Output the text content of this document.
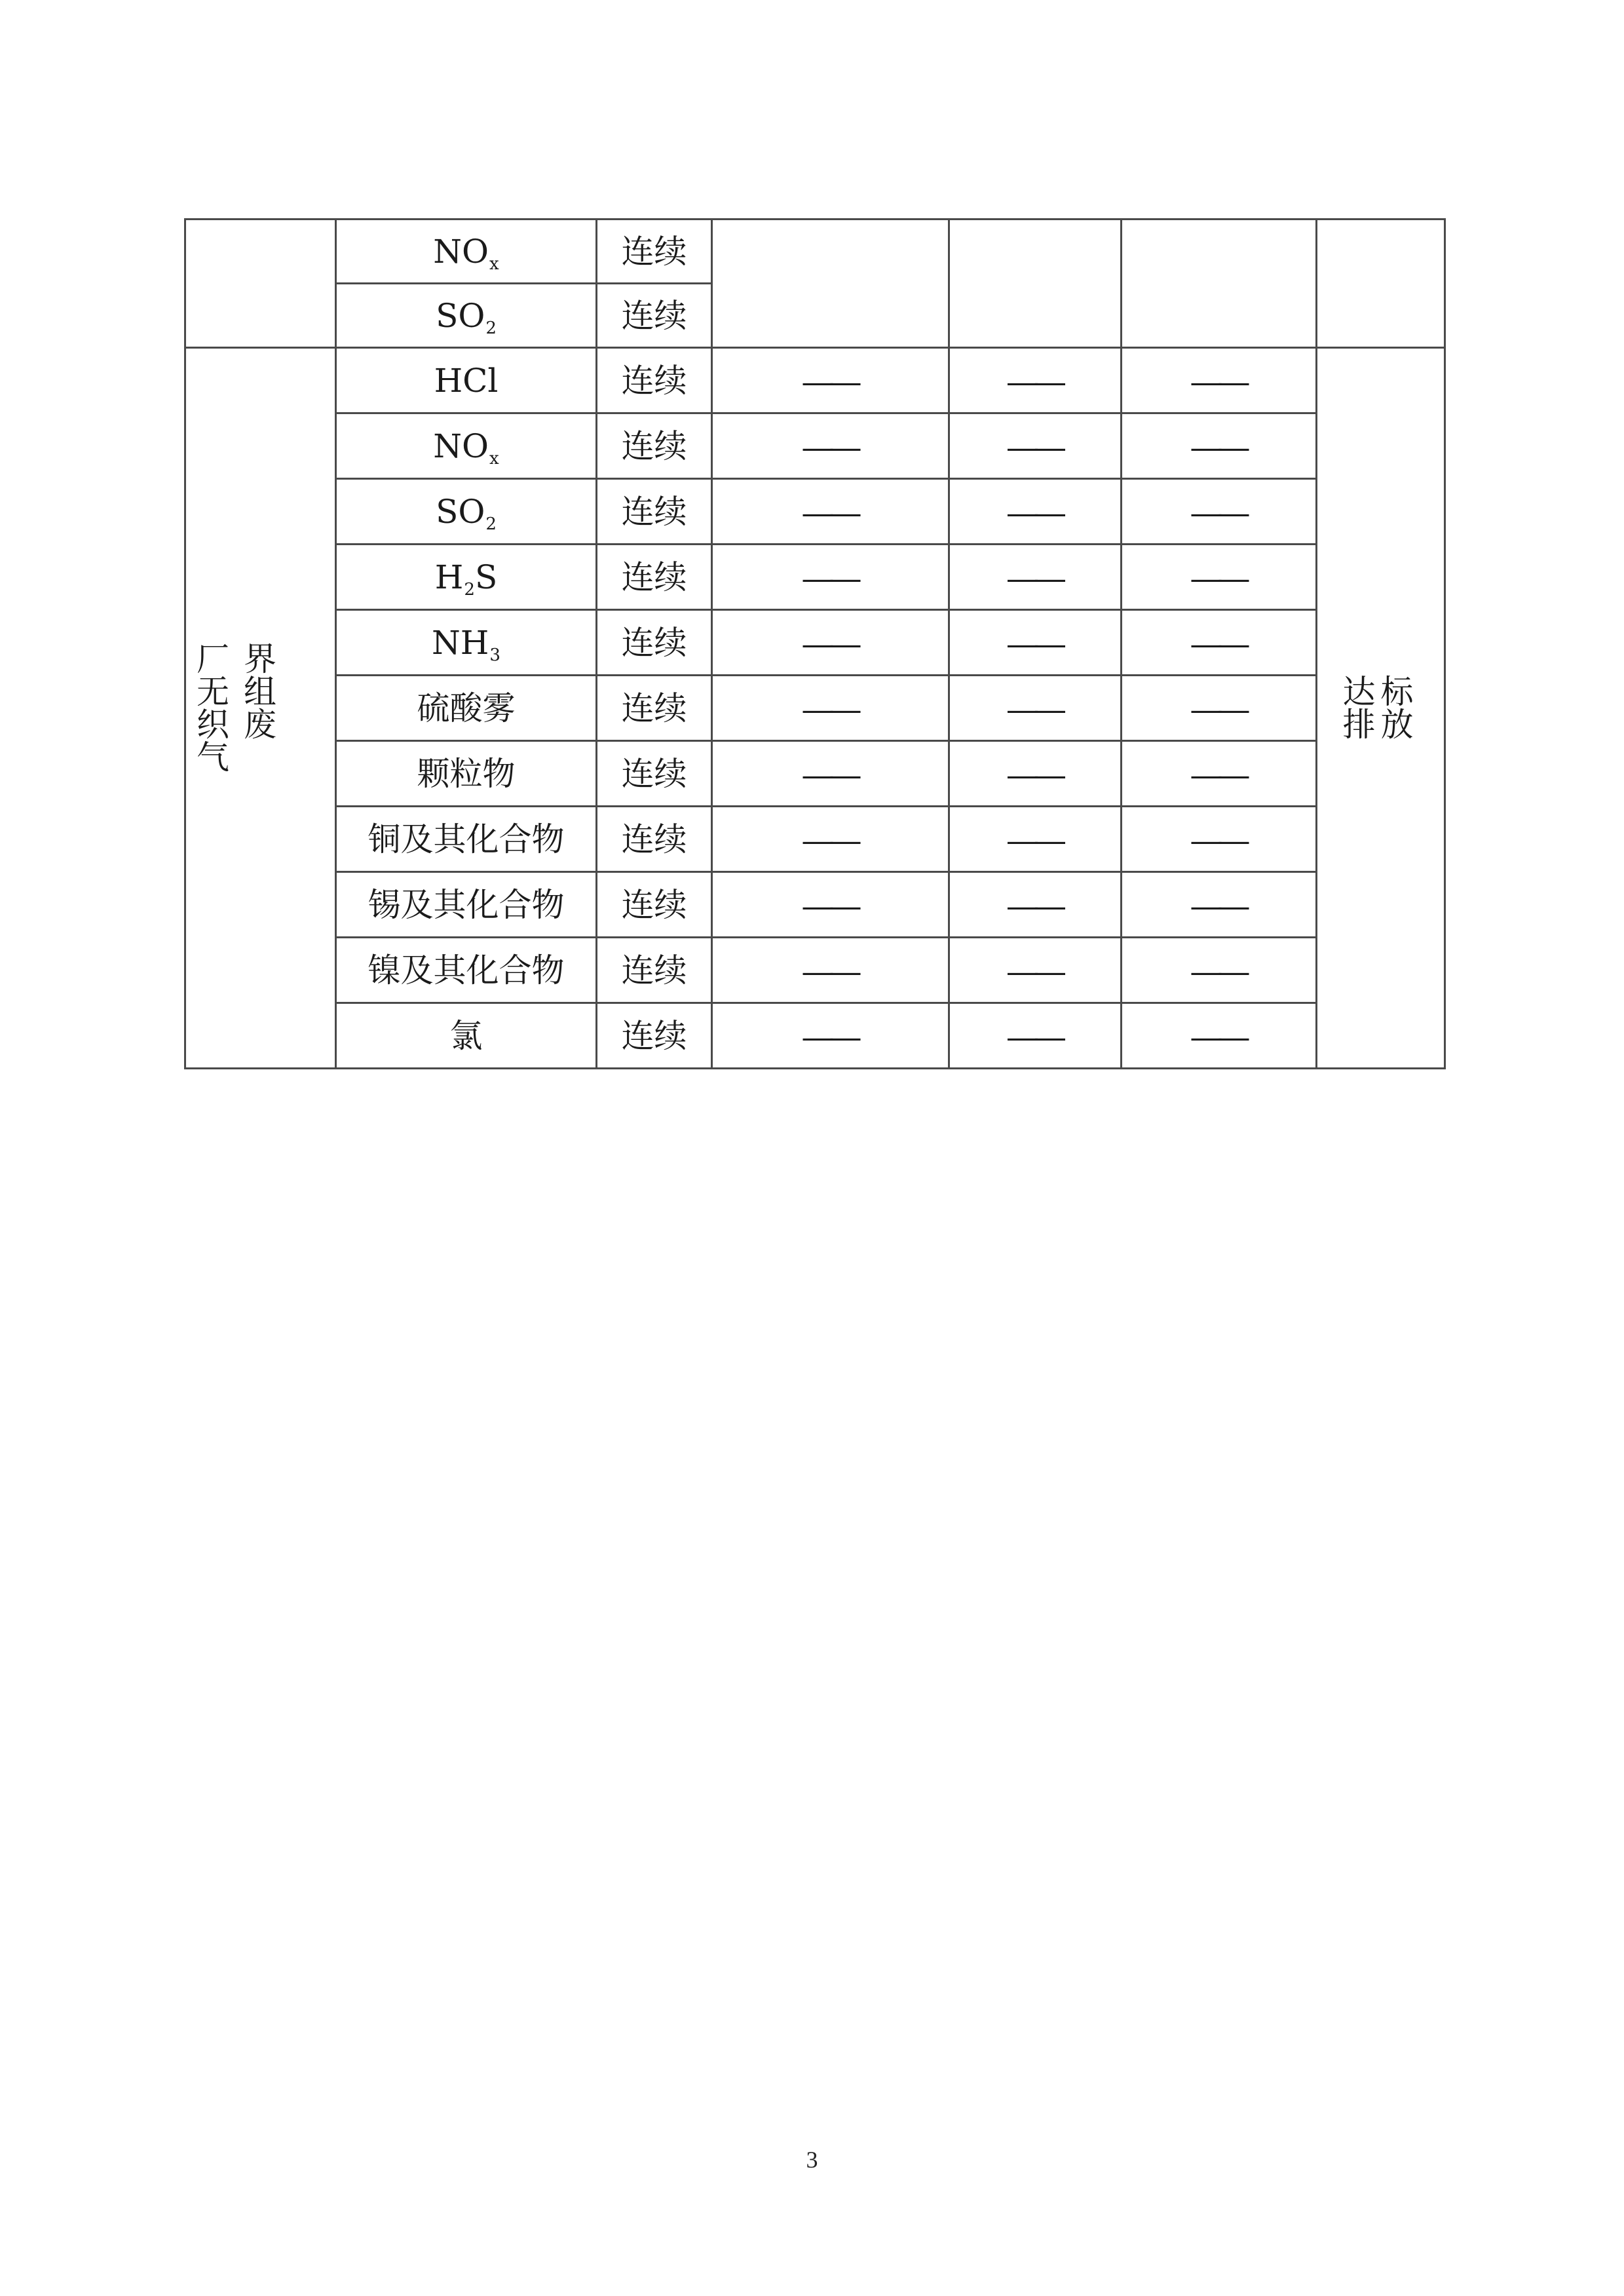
	$NO_x$	连续				
	$SO_2$	连续				
厂界无组织废气	HCl	连续	——	——	——	达标排放
	$NO_x$	连续	——	——	——	
	$SO_2$	连续	——	——	——	
	$H_2S$	连续	——	——	——	
	$NH_3$	连续	——	——	——	
	硫酸雾	连续	——	——	——	
	颗粒物	连续	——	——	——	
	铜及其化合物	连续	——	——	——	
	锡及其化合物	连续	——	——	——	
	镍及其化合物	连续	——	——	——	
	氯	连续	——	——	——	
3
